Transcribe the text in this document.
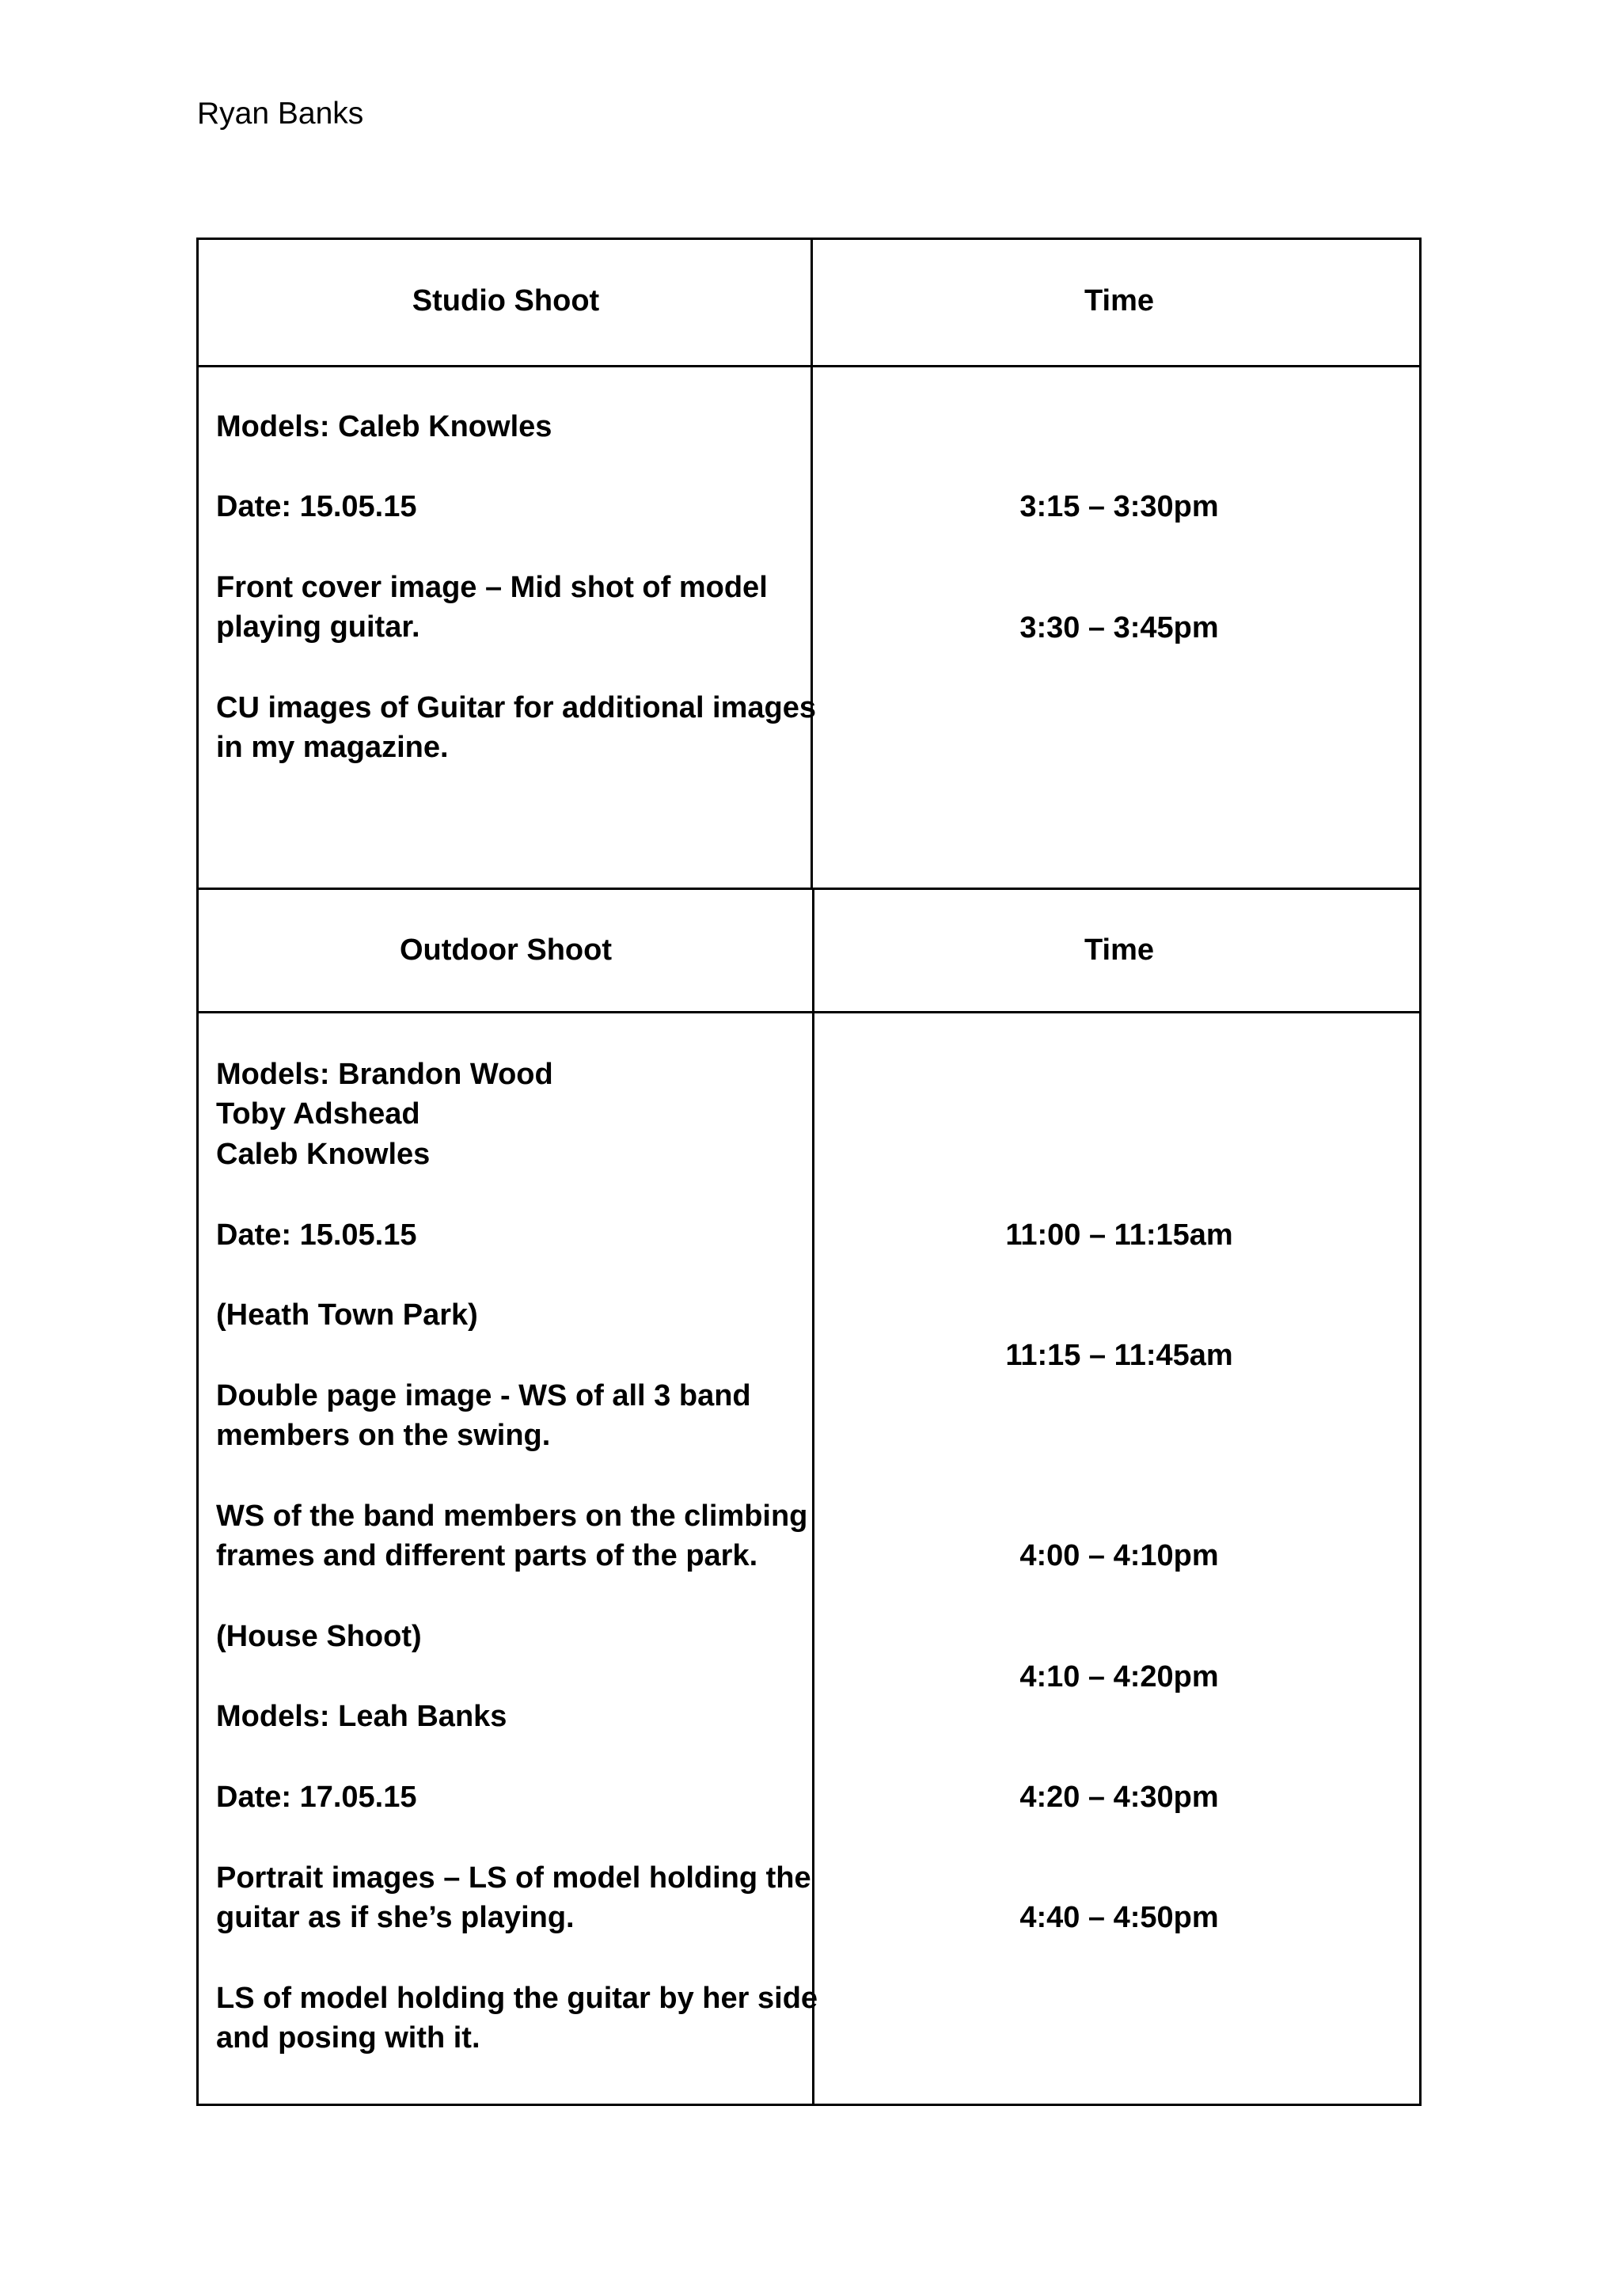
Ryan Banks
Studio Shoot	Time
Models: Caleb Knowles
Date: 15.05.15
Front cover image – Mid shot of model
playing guitar.
CU images of Guitar for additional images
in my magazine.
3:15 – 3:30pm
3:30 – 3:45pm
Outdoor Shoot	Time
Models: Brandon Wood
Toby Adshead
Caleb Knowles
Date: 15.05.15
(Heath Town Park)
Double page image - WS of all 3 band
members on the swing.
WS of the band members on the climbing
frames and different parts of the park.
(House Shoot)
Models: Leah Banks
Date: 17.05.15
Portrait images – LS of model holding the
guitar as if she’s playing.
LS of model holding the guitar by her side
and posing with it.
11:00 – 11:15am
11:15 – 11:45am
4:00 – 4:10pm
4:10 – 4:20pm
4:20 – 4:30pm
4:40 – 4:50pm
